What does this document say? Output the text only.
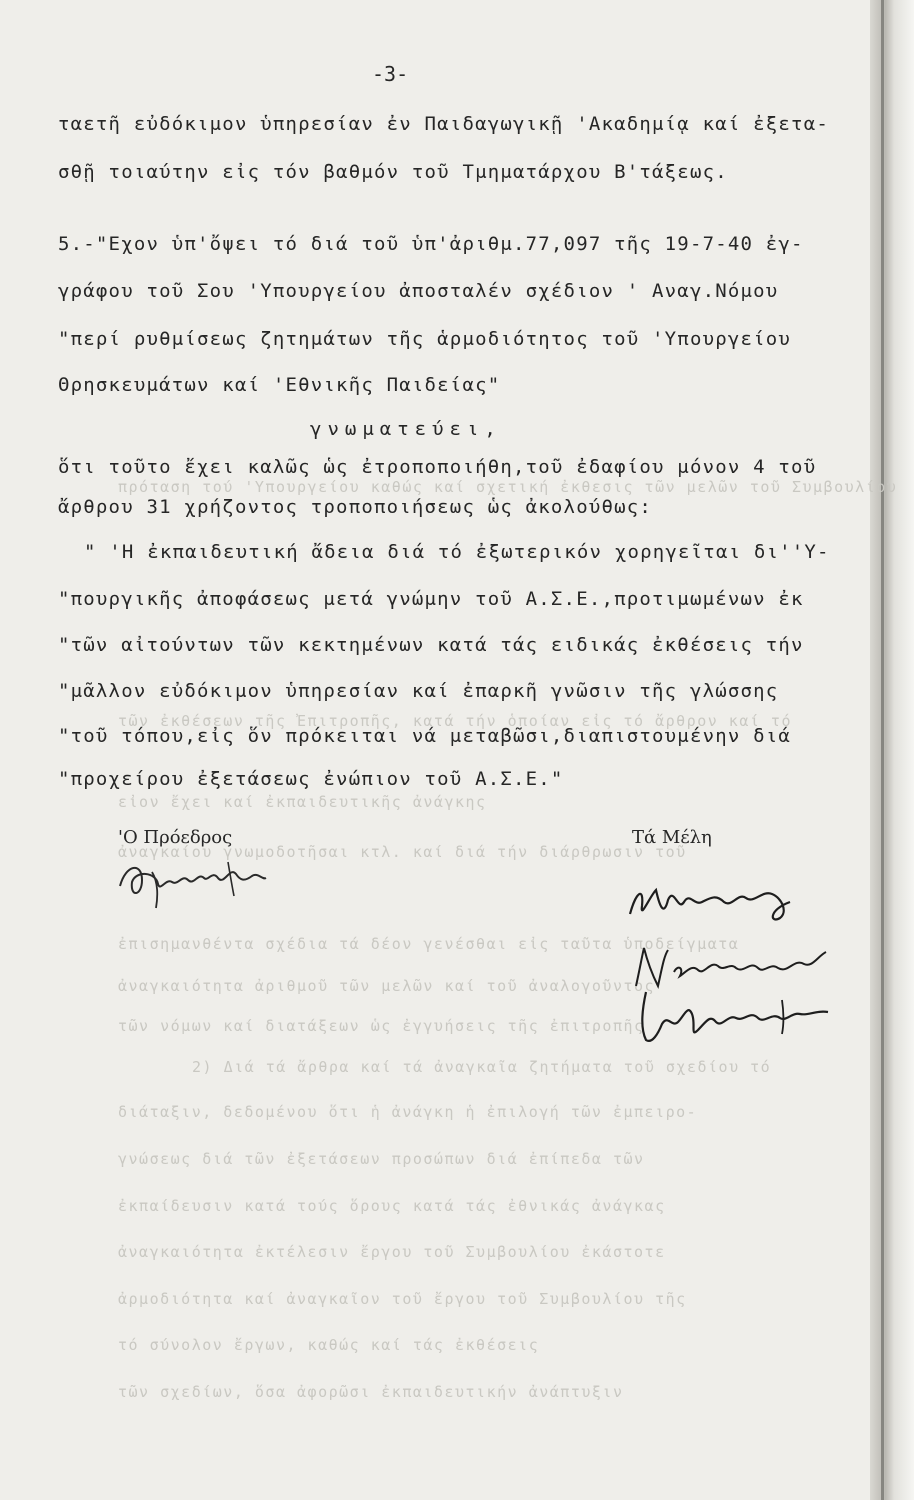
πρόταση τού 'Υπουργείου καθώς καί σχετική ἐκθεσις τῶν μελῶν τοῦ Συμβουλίου
τῶν ἐκθέσεων τῆς Ἐπιτροπῆς, κατά τήν ὁποίαν εἰς τό ἄρθρον καί τό
εἰον ἔχει καί ἐκπαιδευτικῆς ἀνάγκης
ἀναγκαίου γνωμοδοτῆσαι κτλ. καί διά τήν διάρθρωσιν τοῦ
ἐπισημανθέντα σχέδια τά δέον γενέσθαι εἰς ταῦτα ὑποδείγματα
ἀναγκαιότητα ἀριθμοῦ τῶν μελῶν καί τοῦ ἀναλογοῦντος
τῶν νόμων καί διατάξεων ὡς ἐγγυήσεις τῆς ἐπιτροπῆς
2) Διά τά ἄρθρα καί τά ἀναγκαῖα ζητήματα τοῦ σχεδίου τό
διάταξιν, δεδομένου ὅτι ἡ ἀνάγκη ἡ ἐπιλογή τῶν ἐμπειρο-
γνώσεως διά τῶν ἐξετάσεων προσώπων διά ἐπίπεδα τῶν
ἐκπαίδευσιν κατά τούς ὅρους κατά τάς ἐθνικάς ἀνάγκας
ἀναγκαιότητα ἐκτέλεσιν ἔργου τοῦ Συμβουλίου ἐκάστοτε
ἀρμοδιότητα καί ἀναγκαῖον τοῦ ἔργου τοῦ Συμβουλίου τῆς
τό σύνολον ἔργων, καθώς καί τάς ἐκθέσεις
τῶν σχεδίων, ὅσα ἀφορῶσι ἐκπαιδευτικήν ἀνάπτυξιν
-3-
ταετῆ εὐδόκιμον ὑπηρεσίαν ἐν Παιδαγωγικῇ 'Ακαδημίᾳ καί ἐξετα-
σθῇ τοιαύτην εἰς τόν βαθμόν τοῦ Τμηματάρχου Β'τάξεως.
5.-"Εχον ὑπ'ὄψει τό διά τοῦ ὑπ'ἀριθμ.77,097 τῆς 19-7-40 ἐγ-
γράφου τοῦ Σου 'Υπουργείου ἀποσταλέν σχέδιον ' Αναγ.Νόμου
"περί ρυθμίσεως ζητημάτων τῆς ἁρμοδιότητος τοῦ 'Υπουργείου
Θρησκευμάτων καί 'Εθνικῆς Παιδείας"
γνωματεύει,
ὅτι τοῦτο ἔχει καλῶς ὡς ἐτροποποιήθη,τοῦ ἐδαφίου μόνον 4 τοῦ
ἄρθρου 31 χρήζοντος τροποποιήσεως ὡς ἀκολούθως:
" 'Η ἐκπαιδευτική ἄδεια διά τό ἐξωτερικόν χορηγεῖται δι''Υ-
"πουργικῆς ἀποφάσεως μετά γνώμην τοῦ Α.Σ.Ε.,προτιμωμένων ἐκ
"τῶν αἰτούντων τῶν κεκτημένων κατά τάς ειδικάς ἐκθέσεις τήν
"μᾶλλον εὐδόκιμον ὑπηρεσίαν καί ἐπαρκῆ γνῶσιν τῆς γλώσσης
"τοῦ τόπου,εἰς ὅν πρόκειται νά μεταβῶσι,διαπιστουμένην διά
"προχείρου ἐξετάσεως ἐνώπιον τοῦ Α.Σ.Ε."
'Ο Πρόεδρος	Τά Μέλη
